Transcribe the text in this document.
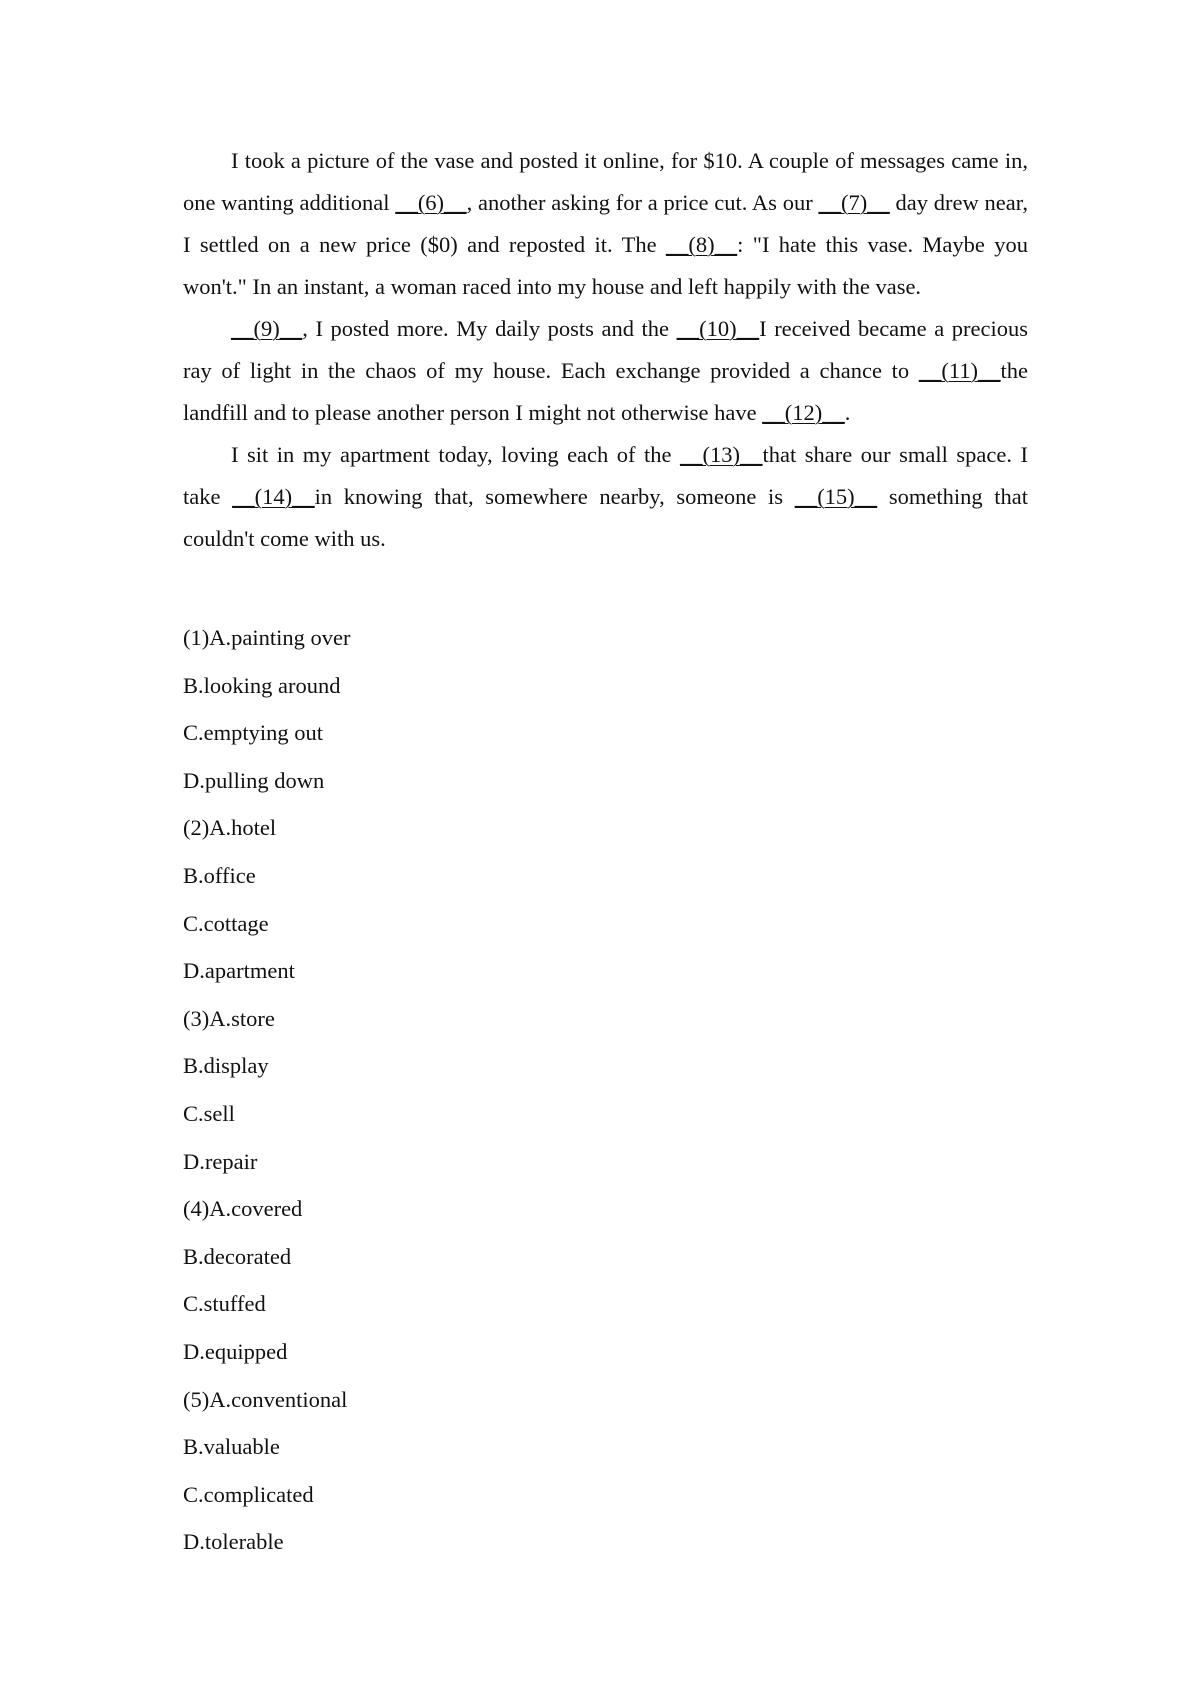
I took a picture of the vase and posted it online, for $10. A couple of messages came in, one wanting additional __(6)__, another asking for a price cut. As our __(7)__ day drew near, I settled on a new price ($0) and reposted it. The __(8)__: "I hate this vase. Maybe you won't." In an instant, a woman raced into my house and left happily with the vase.

__(9)__, I posted more. My daily posts and the __(10)__I received became a precious ray of light in the chaos of my house. Each exchange provided a chance to __(11)__the landfill and to please another person I might not otherwise have __(12)__.

I sit in my apartment today, loving each of the __(13)__that share our small space. I take __(14)__in knowing that, somewhere nearby, someone is __(15)__ something that couldn't come with us.

(1)A.painting over
B.looking around
C.emptying out
D.pulling down
(2)A.hotel
B.office
C.cottage
D.apartment
(3)A.store
B.display
C.sell
D.repair
(4)A.covered
B.decorated
C.stuffed
D.equipped
(5)A.conventional
B.valuable
C.complicated
D.tolerable
